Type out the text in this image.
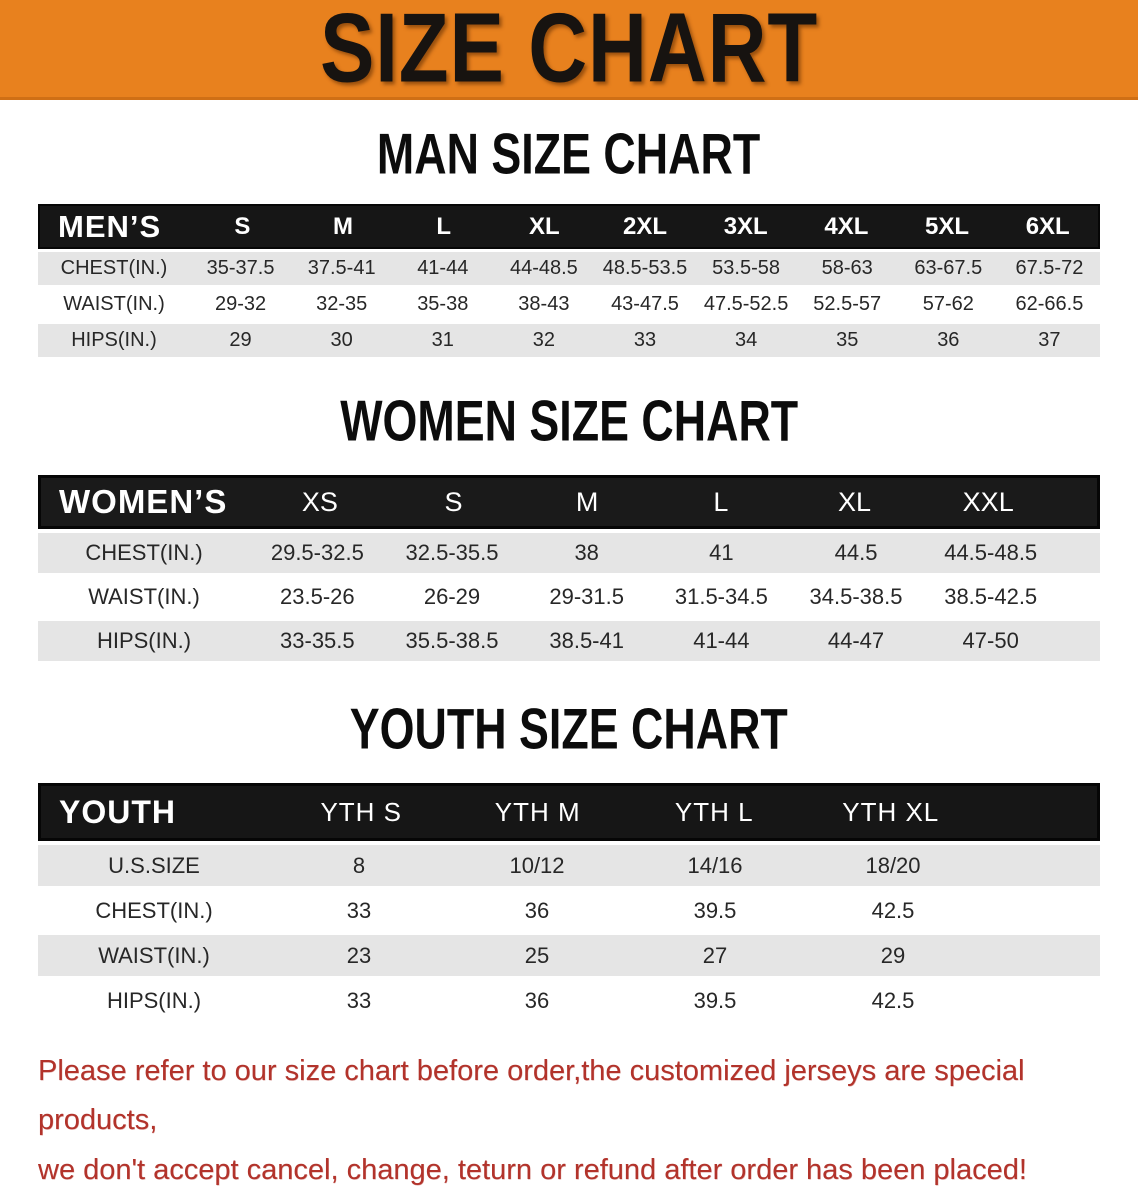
SIZE CHART
MAN SIZE CHART
MEN’S	S	M	L	XL	2XL	3XL	4XL	5XL	6XL
CHEST(IN.)	35-37.5	37.5-41	41-44	44-48.5	48.5-53.5	53.5-58	58-63	63-67.5	67.5-72
WAIST(IN.)	29-32	32-35	35-38	38-43	43-47.5	47.5-52.5	52.5-57	57-62	62-66.5
HIPS(IN.)	29	30	31	32	33	34	35	36	37
WOMEN SIZE CHART
WOMEN’S	XS	S	M	L	XL	XXL
CHEST(IN.)	29.5-32.5	32.5-35.5	38	41	44.5	44.5-48.5
WAIST(IN.)	23.5-26	26-29	29-31.5	31.5-34.5	34.5-38.5	38.5-42.5
HIPS(IN.)	33-35.5	35.5-38.5	38.5-41	41-44	44-47	47-50
YOUTH SIZE CHART
YOUTH	YTH S	YTH M	YTH L	YTH XL
U.S.SIZE	8	10/12	14/16	18/20
CHEST(IN.)	33	36	39.5	42.5
WAIST(IN.)	23	25	27	29
HIPS(IN.)	33	36	39.5	42.5
Please refer to our size chart before order,the customized jerseys are special products,
we don't accept cancel, change, teturn or refund after order has been placed!
